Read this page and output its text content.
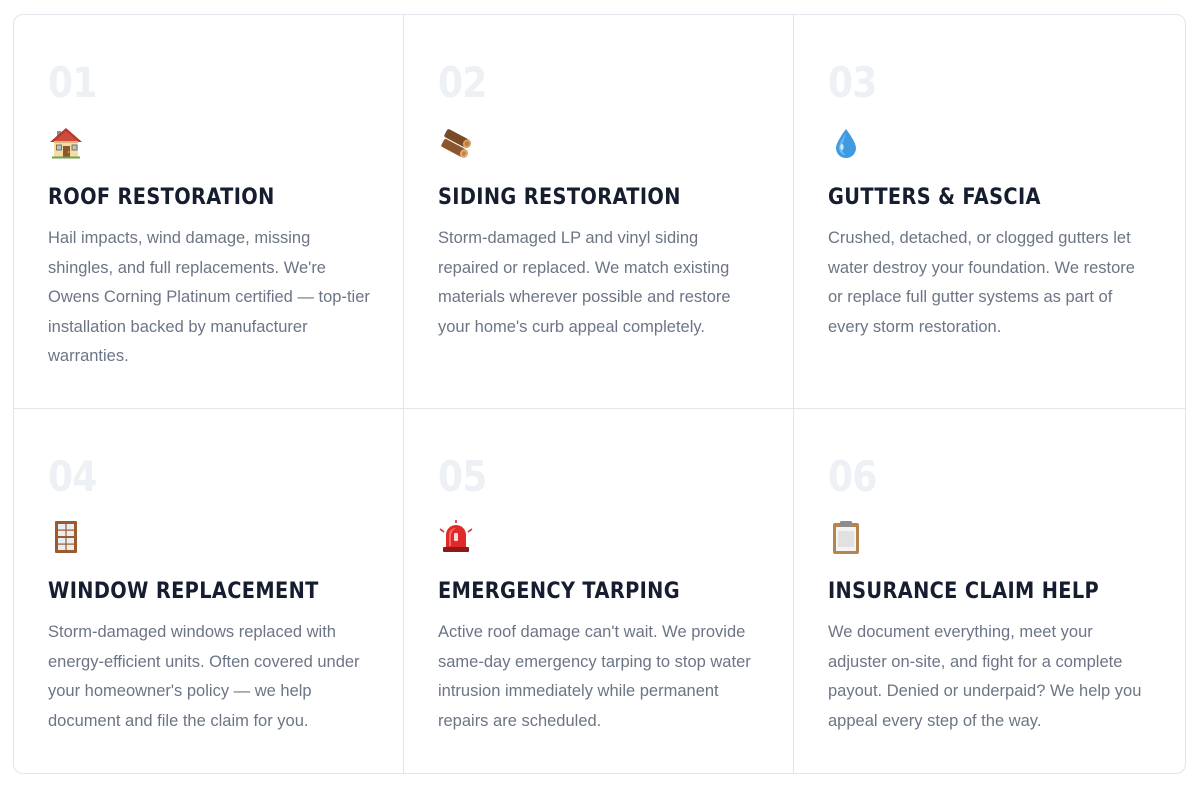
01
ROOF RESTORATION

Hail impacts, wind damage, missing shingles, and full replacements. We're Owens Corning Platinum certified — top-tier installation backed by manufacturer warranties.

02
SIDING RESTORATION

Storm-damaged LP and vinyl siding repaired or replaced. We match existing materials wherever possible and restore your home's curb appeal completely.

03
GUTTERS & FASCIA

Crushed, detached, or clogged gutters let water destroy your foundation. We restore or replace full gutter systems as part of every storm restoration.

04
WINDOW REPLACEMENT

Storm-damaged windows replaced with energy-efficient units. Often covered under your homeowner's policy — we help document and file the claim for you.

05
EMERGENCY TARPING

Active roof damage can't wait. We provide same-day emergency tarping to stop water intrusion immediately while permanent repairs are scheduled.

06
INSURANCE CLAIM HELP

We document everything, meet your adjuster on-site, and fight for a complete payout. Denied or underpaid? We help you appeal every step of the way.
